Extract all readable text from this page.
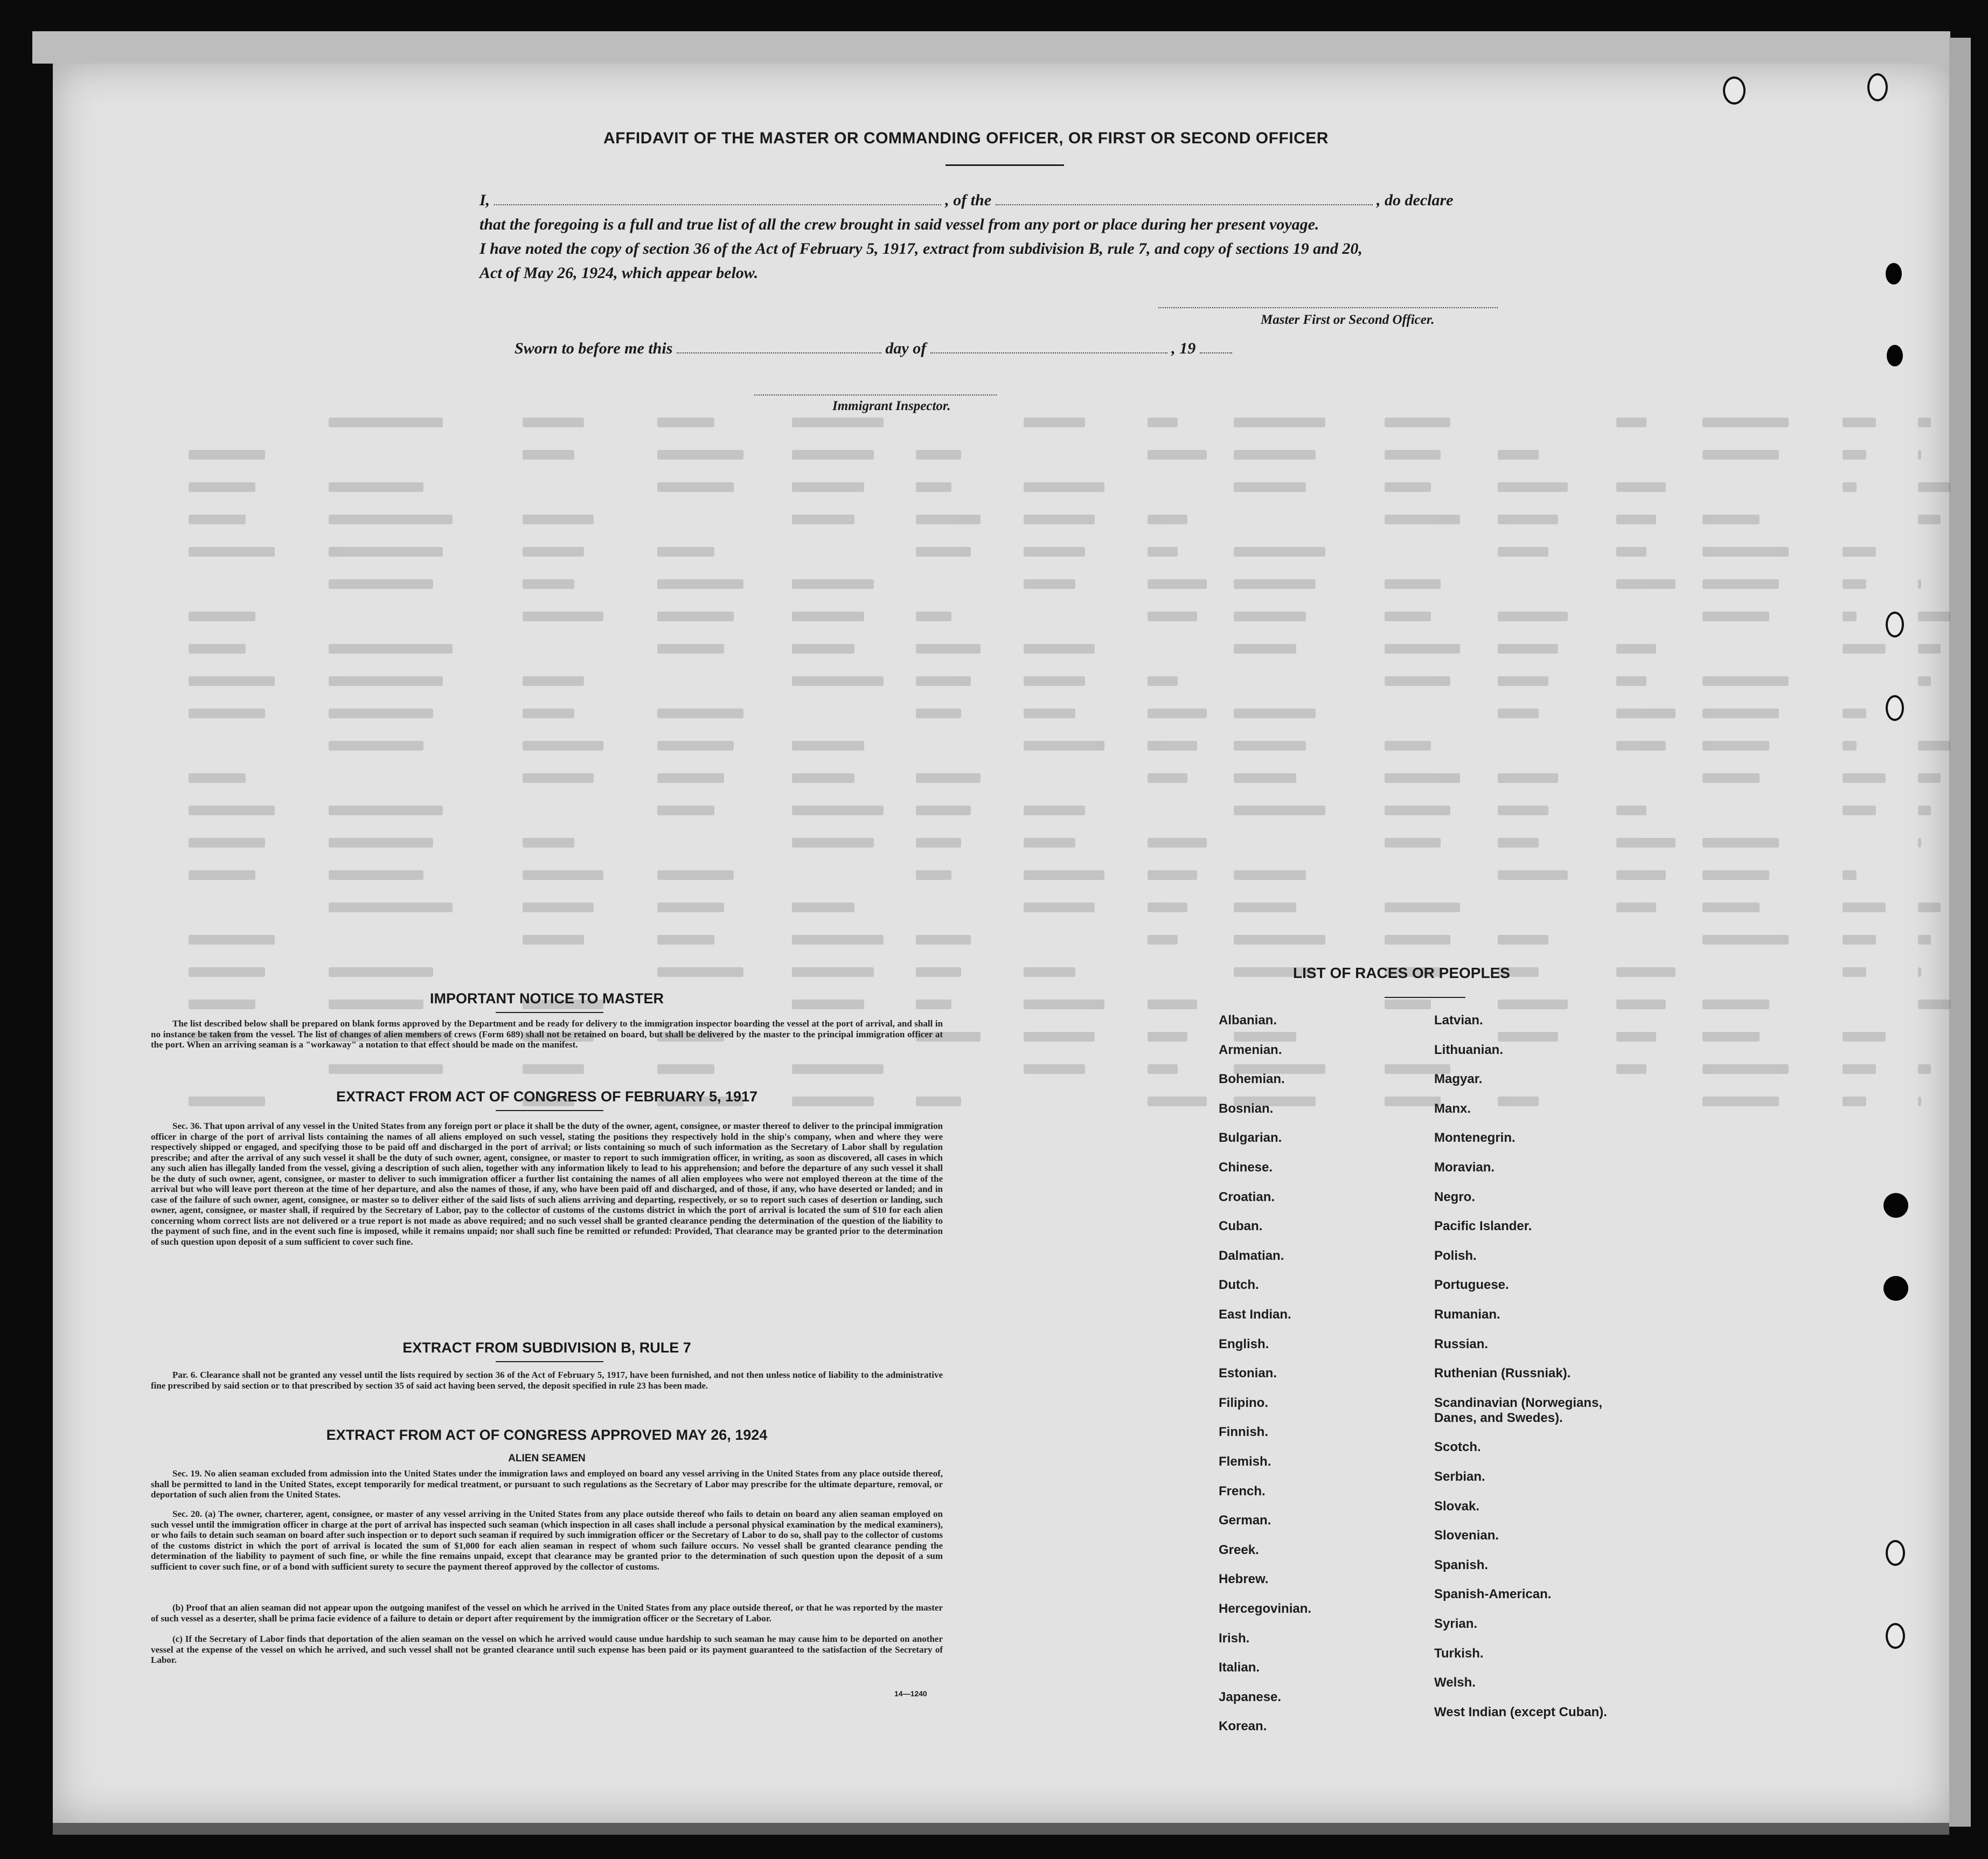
AFFIDAVIT OF THE MASTER OR COMMANDING OFFICER, OR FIRST OR SECOND OFFICER
I,	, of the	, do declare
that the foregoing is a full and true list of all the crew brought in said vessel from any port or place during her present voyage.
I have noted the copy of section 36 of the Act of February 5, 1917, extract from subdivision B, rule 7, and copy of sections 19 and 20,
Act of May 26, 1924, which appear below.
Master First or Second Officer.
Sworn to before me this	day of	, 19
Immigrant Inspector.
IMPORTANT NOTICE TO MASTER
The list described below shall be prepared on blank forms approved by the Department and be ready for delivery to the immigration inspector boarding the vessel at the port of arrival, and shall in no instance be taken from the vessel. The list of changes of alien members of crews (Form 689) shall not be retained on board, but shall be delivered by the master to the principal immigration officer at the port. When an arriving seaman is a "workaway" a notation to that effect should be made on the manifest.
EXTRACT FROM ACT OF CONGRESS OF FEBRUARY 5, 1917
Sec. 36. That upon arrival of any vessel in the United States from any foreign port or place it shall be the duty of the owner, agent, consignee, or master thereof to deliver to the principal immigration officer in charge of the port of arrival lists containing the names of all aliens employed on such vessel, stating the positions they respectively hold in the ship's company, when and where they were respectively shipped or engaged, and specifying those to be paid off and discharged in the port of arrival; or lists containing so much of such information as the Secretary of Labor shall by regulation prescribe; and after the arrival of any such vessel it shall be the duty of such owner, agent, consignee, or master to report to such immigration officer, in writing, as soon as discovered, all cases in which any such alien has illegally landed from the vessel, giving a description of such alien, together with any information likely to lead to his apprehension; and before the departure of any such vessel it shall be the duty of such owner, agent, consignee, or master to deliver to such immigration officer a further list containing the names of all alien employees who were not employed thereon at the time of the arrival but who will leave port thereon at the time of her departure, and also the names of those, if any, who have been paid off and discharged, and of those, if any, who have deserted or landed; and in case of the failure of such owner, agent, consignee, or master so to deliver either of the said lists of such aliens arriving and departing, respectively, or so to report such cases of desertion or landing, such owner, agent, consignee, or master shall, if required by the Secretary of Labor, pay to the collector of customs of the customs district in which the port of arrival is located the sum of $10 for each alien concerning whom correct lists are not delivered or a true report is not made as above required; and no such vessel shall be granted clearance pending the determination of the question of the liability to the payment of such fine, and in the event such fine is imposed, while it remains unpaid; nor shall such fine be remitted or refunded: Provided, That clearance may be granted prior to the determination of such question upon deposit of a sum sufficient to cover such fine.
EXTRACT FROM SUBDIVISION B, RULE 7
Par. 6. Clearance shall not be granted any vessel until the lists required by section 36 of the Act of February 5, 1917, have been furnished, and not then unless notice of liability to the administrative fine prescribed by said section or to that prescribed by section 35 of said act having been served, the deposit specified in rule 23 has been made.
EXTRACT FROM ACT OF CONGRESS APPROVED MAY 26, 1924
ALIEN SEAMEN
Sec. 19. No alien seaman excluded from admission into the United States under the immigration laws and employed on board any vessel arriving in the United States from any place outside thereof, shall be permitted to land in the United States, except temporarily for medical treatment, or pursuant to such regulations as the Secretary of Labor may prescribe for the ultimate departure, removal, or deportation of such alien from the United States.
Sec. 20. (a) The owner, charterer, agent, consignee, or master of any vessel arriving in the United States from any place outside thereof who fails to detain on board any alien seaman employed on such vessel until the immigration officer in charge at the port of arrival has inspected such seaman (which inspection in all cases shall include a personal physical examination by the medical examiners), or who fails to detain such seaman on board after such inspection or to deport such seaman if required by such immigration officer or the Secretary of Labor to do so, shall pay to the collector of customs of the customs district in which the port of arrival is located the sum of $1,000 for each alien seaman in respect of whom such failure occurs. No vessel shall be granted clearance pending the determination of the liability to payment of such fine, or while the fine remains unpaid, except that clearance may be granted prior to the determination of such question upon the deposit of a sum sufficient to cover such fine, or of a bond with sufficient surety to secure the payment thereof approved by the collector of customs.
(b) Proof that an alien seaman did not appear upon the outgoing manifest of the vessel on which he arrived in the United States from any place outside thereof, or that he was reported by the master of such vessel as a deserter, shall be prima facie evidence of a failure to detain or deport after requirement by the immigration officer or the Secretary of Labor.
(c) If the Secretary of Labor finds that deportation of the alien seaman on the vessel on which he arrived would cause undue hardship to such seaman he may cause him to be deported on another vessel at the expense of the vessel on which he arrived, and such vessel shall not be granted clearance until such expense has been paid or its payment guaranteed to the satisfaction of the Secretary of Labor.
14—1240
LIST OF RACES OR PEOPLES
Albanian.
Armenian.
Bohemian.
Bosnian.
Bulgarian.
Chinese.
Croatian.
Cuban.
Dalmatian.
Dutch.
East Indian.
English.
Estonian.
Filipino.
Finnish.
Flemish.
French.
German.
Greek.
Hebrew.
Hercegovinian.
Irish.
Italian.
Japanese.
Korean.
Latvian.
Lithuanian.
Magyar.
Manx.
Montenegrin.
Moravian.
Negro.
Pacific Islander.
Polish.
Portuguese.
Rumanian.
Russian.
Ruthenian (Russniak).
Scandinavian (Norwegians,
Danes, and Swedes).
Scotch.
Serbian.
Slovak.
Slovenian.
Spanish.
Spanish-American.
Syrian.
Turkish.
Welsh.
West Indian (except Cuban).
